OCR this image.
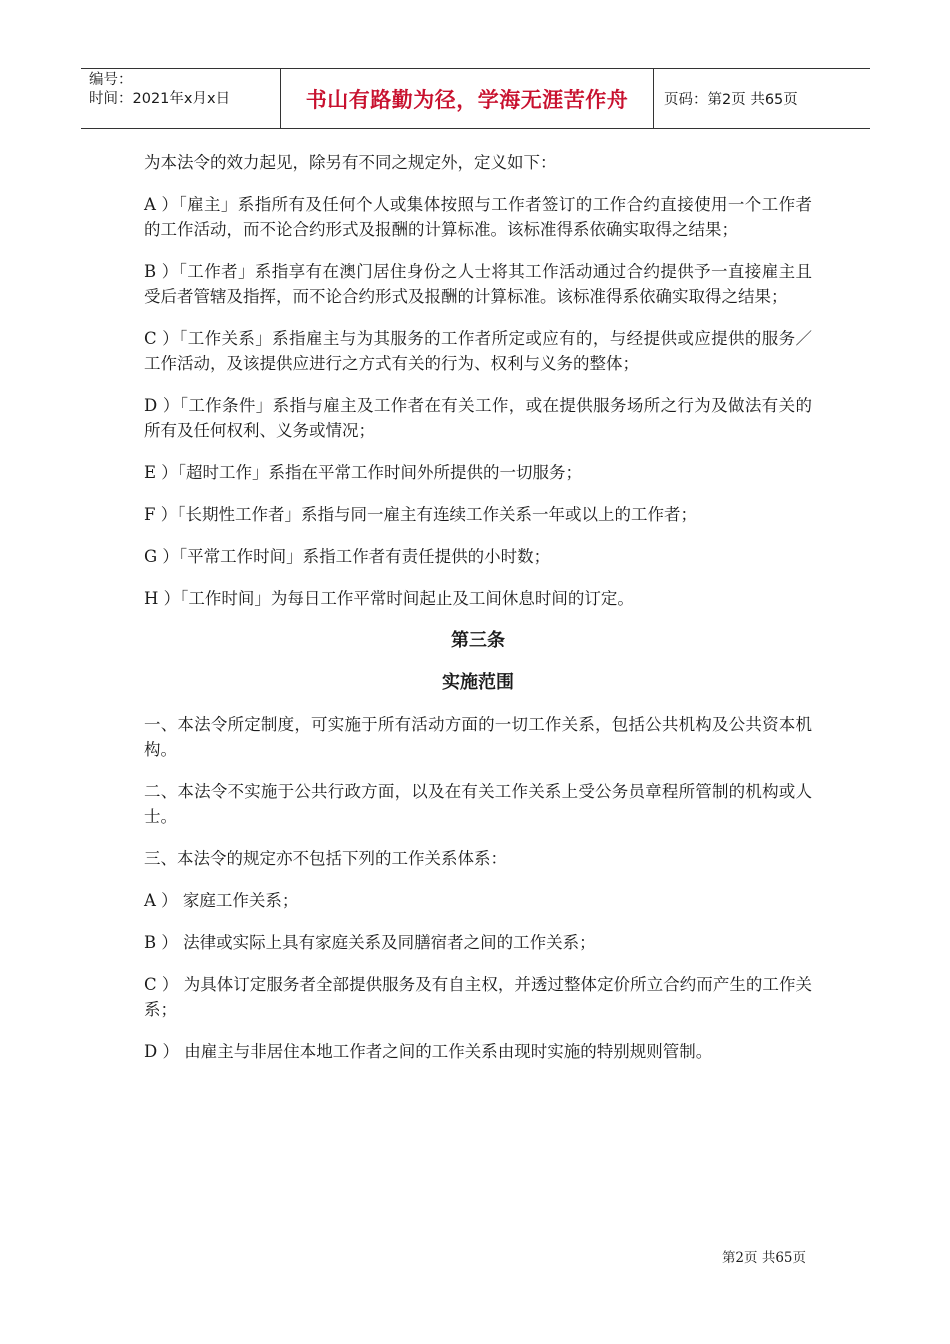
编号：
时间：2021年x月x日	书山有路勤为径，学海无涯苦作舟	页码：第2页 共65页

为本法令的效力起见，除另有不同之规定外，定义如下：

A ）「雇主」系指所有及任何个人或集体按照与工作者签订的工作合约直接使用一个工作者的工作活动，而不论合约形式及报酬的计算标准。该标准得系依确实取得之结果；

B ）「工作者」系指享有在澳门居住身份之人士将其工作活动通过合约提供予一直接雇主且受后者管辖及指挥，而不论合约形式及报酬的计算标准。该标准得系依确实取得之结果；

C ）「工作关系」系指雇主与为其服务的工作者所定或应有的，与经提供或应提供的服务／工作活动，及该提供应进行之方式有关的行为、权利与义务的整体；

D ）「工作条件」系指与雇主及工作者在有关工作，或在提供服务场所之行为及做法有关的所有及任何权利、义务或情况；

E ）「超时工作」系指在平常工作时间外所提供的一切服务；

F ）「长期性工作者」系指与同一雇主有连续工作关系一年或以上的工作者；

G ）「平常工作时间」系指工作者有责任提供的小时数；

H ）「工作时间」为每日工作平常时间起止及工间休息时间的订定。

第三条
实施范围

一、本法令所定制度，可实施于所有活动方面的一切工作关系，包括公共机构及公共资本机构。

二、本法令不实施于公共行政方面，以及在有关工作关系上受公务员章程所管制的机构或人士。

三、本法令的规定亦不包括下列的工作关系体系：

A ） 家庭工作关系；

B ） 法律或实际上具有家庭关系及同膳宿者之间的工作关系；

C ） 为具体订定服务者全部提供服务及有自主权，并透过整体定价所立合约而产生的工作关系；

D ） 由雇主与非居住本地工作者之间的工作关系由现时实施的特别规则管制。

第2页 共65页
